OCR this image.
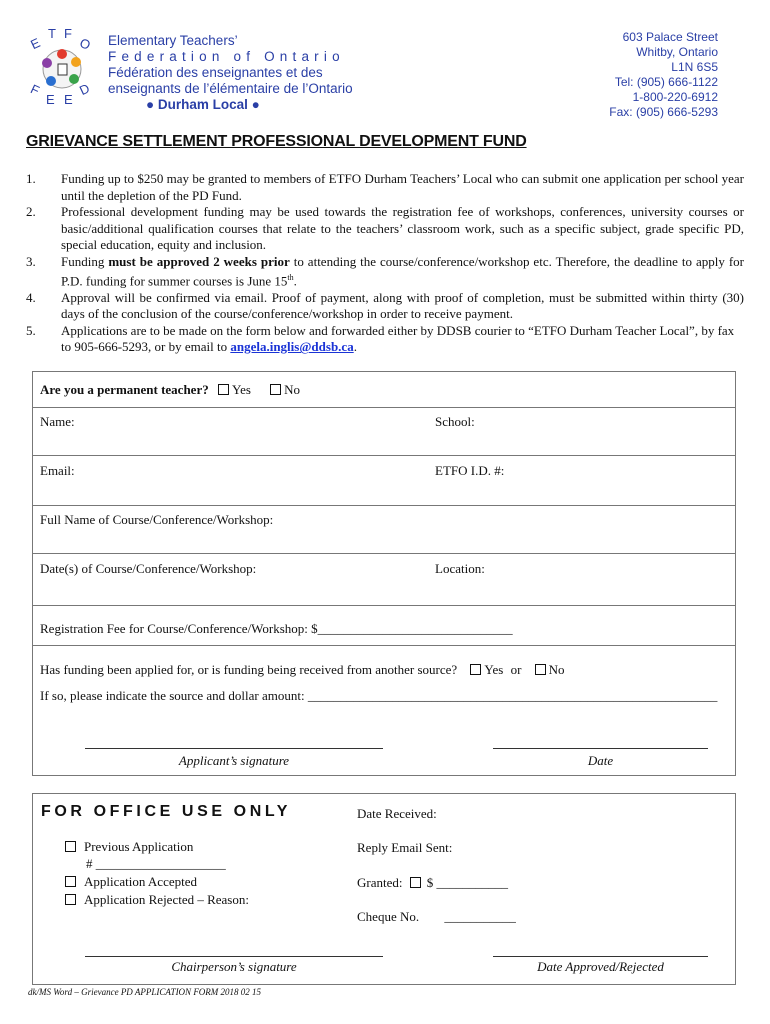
E
T F
O
F
E E
D
Elementary Teachers’
Federation of Ontario
Fédération des enseignantes et des
enseignants de l’élémentaire de l’Ontario
● Durham Local ●
603 Palace Street
Whitby, Ontario
L1N 6S5
Tel: (905) 666-1122
1-800-220-6912
Fax: (905) 666-5293
GRIEVANCE SETTLEMENT PROFESSIONAL DEVELOPMENT FUND
1.	Funding up to $250 may be granted to members of ETFO Durham Teachers’ Local who can submit one application per school year until the depletion of the PD Fund.
2.	Professional development funding may be used towards the registration fee of workshops, conferences, university courses or basic/additional qualification courses that relate to the teachers’ classroom work, such as a specific subject, grade specific PD, special education, equity and inclusion.
3.	Funding must be approved 2 weeks prior to attending the course/conference/workshop etc. Therefore, the deadline to apply for P.D. funding for summer courses is June 15th.
4.	Approval will be confirmed via email. Proof of payment, along with proof of completion, must be submitted within thirty (30) days of the conclusion of the course/conference/workshop in order to receive payment.
5.	Applications are to be made on the form below and forwarded either by DDSB courier to “ETFO Durham Teacher Local”, by fax to 905-666-5293, or by email to angela.inglis@ddsb.ca.
Are you a permanent teacher? Yes	No
Name:	School:
Email:	ETFO I.D. #:
Full Name of Course/Conference/Workshop:
Date(s) of Course/Conference/Workshop:	Location:
Registration Fee for Course/Conference/Workshop: $______________________________
Has funding been applied for, or is funding being received from another source? Yes or No
If so, please indicate the source and dollar amount: _______________________________________________________________
Applicant’s signature	Date
FOR OFFICE USE ONLY
Previous Application
# ____________________
Application Accepted
Application Rejected – Reason:
Date Received:
Reply Email Sent:
Granted: $ ___________
Cheque No. ___________
Chairperson’s signature	Date Approved/Rejected
dk/MS Word – Grievance PD APPLICATION FORM 2018 02 15
